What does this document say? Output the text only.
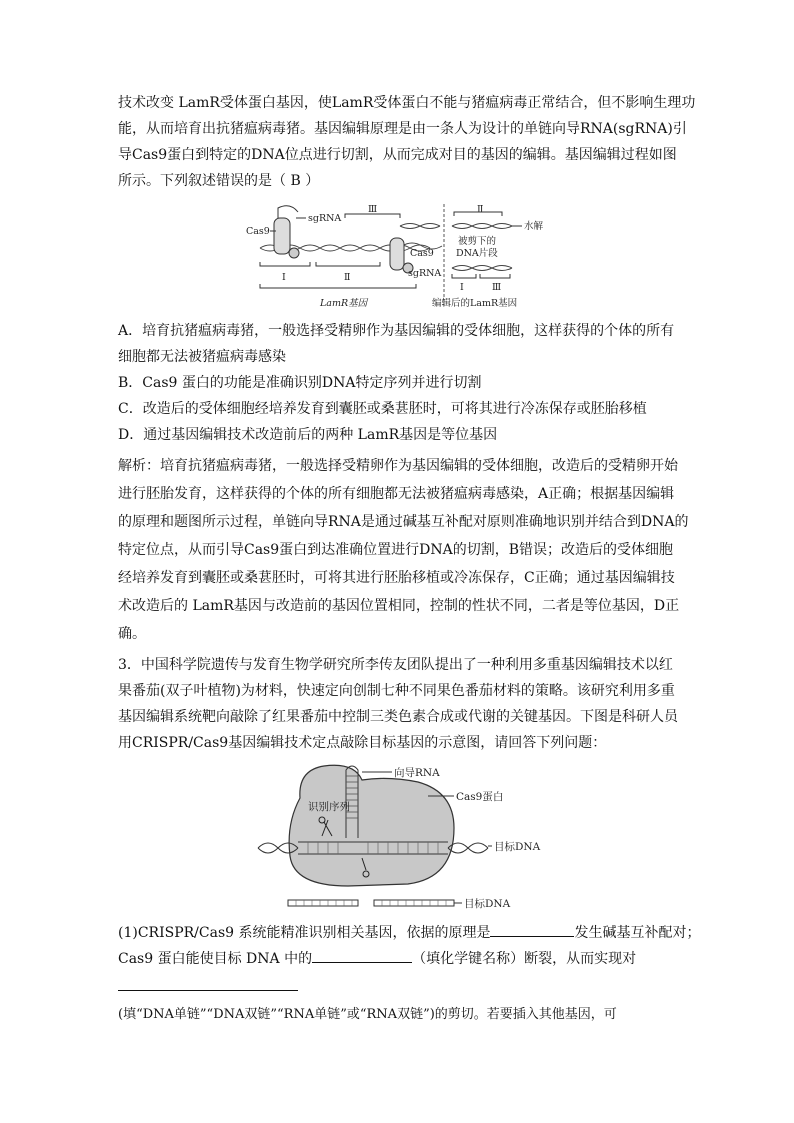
技术改变 LamR受体蛋白基因，使LamR受体蛋白不能与猪瘟病毒正常结合，但不影响生理功
能，从而培育出抗猪瘟病毒猪。基因编辑原理是由一条人为设计的单链向导RNA(sgRNA)引
导Cas9蛋白到特定的DNA位点进行切割，从而完成对目的基因的编辑。基因编辑过程如图
所示。下列叙述错误的是（ B ）
Cas9
sgRNA
Cas9
sgRNA
Ⅲ	Ⅱ
水解
被剪下的
DNA片段
Ⅰ	Ⅲ
Ⅰ	Ⅱ
LamR基因	编辑后的LamR基因
A．培育抗猪瘟病毒猪，一般选择受精卵作为基因编辑的受体细胞，这样获得的个体的所有
细胞都无法被猪瘟病毒感染
B．Cas9 蛋白的功能是准确识别DNA特定序列并进行切割
C．改造后的受体细胞经培养发育到囊胚或桑葚胚时，可将其进行冷冻保存或胚胎移植
D．通过基因编辑技术改造前后的两种 LamR基因是等位基因
解析：培育抗猪瘟病毒猪，一般选择受精卵作为基因编辑的受体细胞，改造后的受精卵开始
进行胚胎发育，这样获得的个体的所有细胞都无法被猪瘟病毒感染，A正确；根据基因编辑
的原理和题图所示过程，单链向导RNA是通过碱基互补配对原则准确地识别并结合到DNA的
特定位点，从而引导Cas9蛋白到达准确位置进行DNA的切割，B错误；改造后的受体细胞
经培养发育到囊胚或桑葚胚时，可将其进行胚胎移植或冷冻保存，C正确；通过基因编辑技
术改造后的 LamR基因与改造前的基因位置相同，控制的性状不同，二者是等位基因，D正
确。
3．中国科学院遗传与发育生物学研究所李传友团队提出了一种利用多重基因编辑技术以红
果番茄(双子叶植物)为材料，快速定向创制七种不同果色番茄材料的策略。该研究利用多重
基因编辑系统靶向敲除了红果番茄中控制三类色素合成或代谢的关键基因。下图是科研人员
用CRISPR/Cas9基因编辑技术定点敲除目标基因的示意图，请回答下列问题：
向导RNA
Cas9蛋白
识别序列
目标DNA
目标DNA
(1)CRISPR/Cas9 系统能精准识别相关基因，依据的原理是	发生碱基互补配对；
Cas9 蛋白能使目标 DNA 中的	（填化学键名称）断裂，从而实现对
(填“DNA单链”“DNA双链”“RNA单链”或“RNA双链”)的剪切。若要插入其他基因，可
